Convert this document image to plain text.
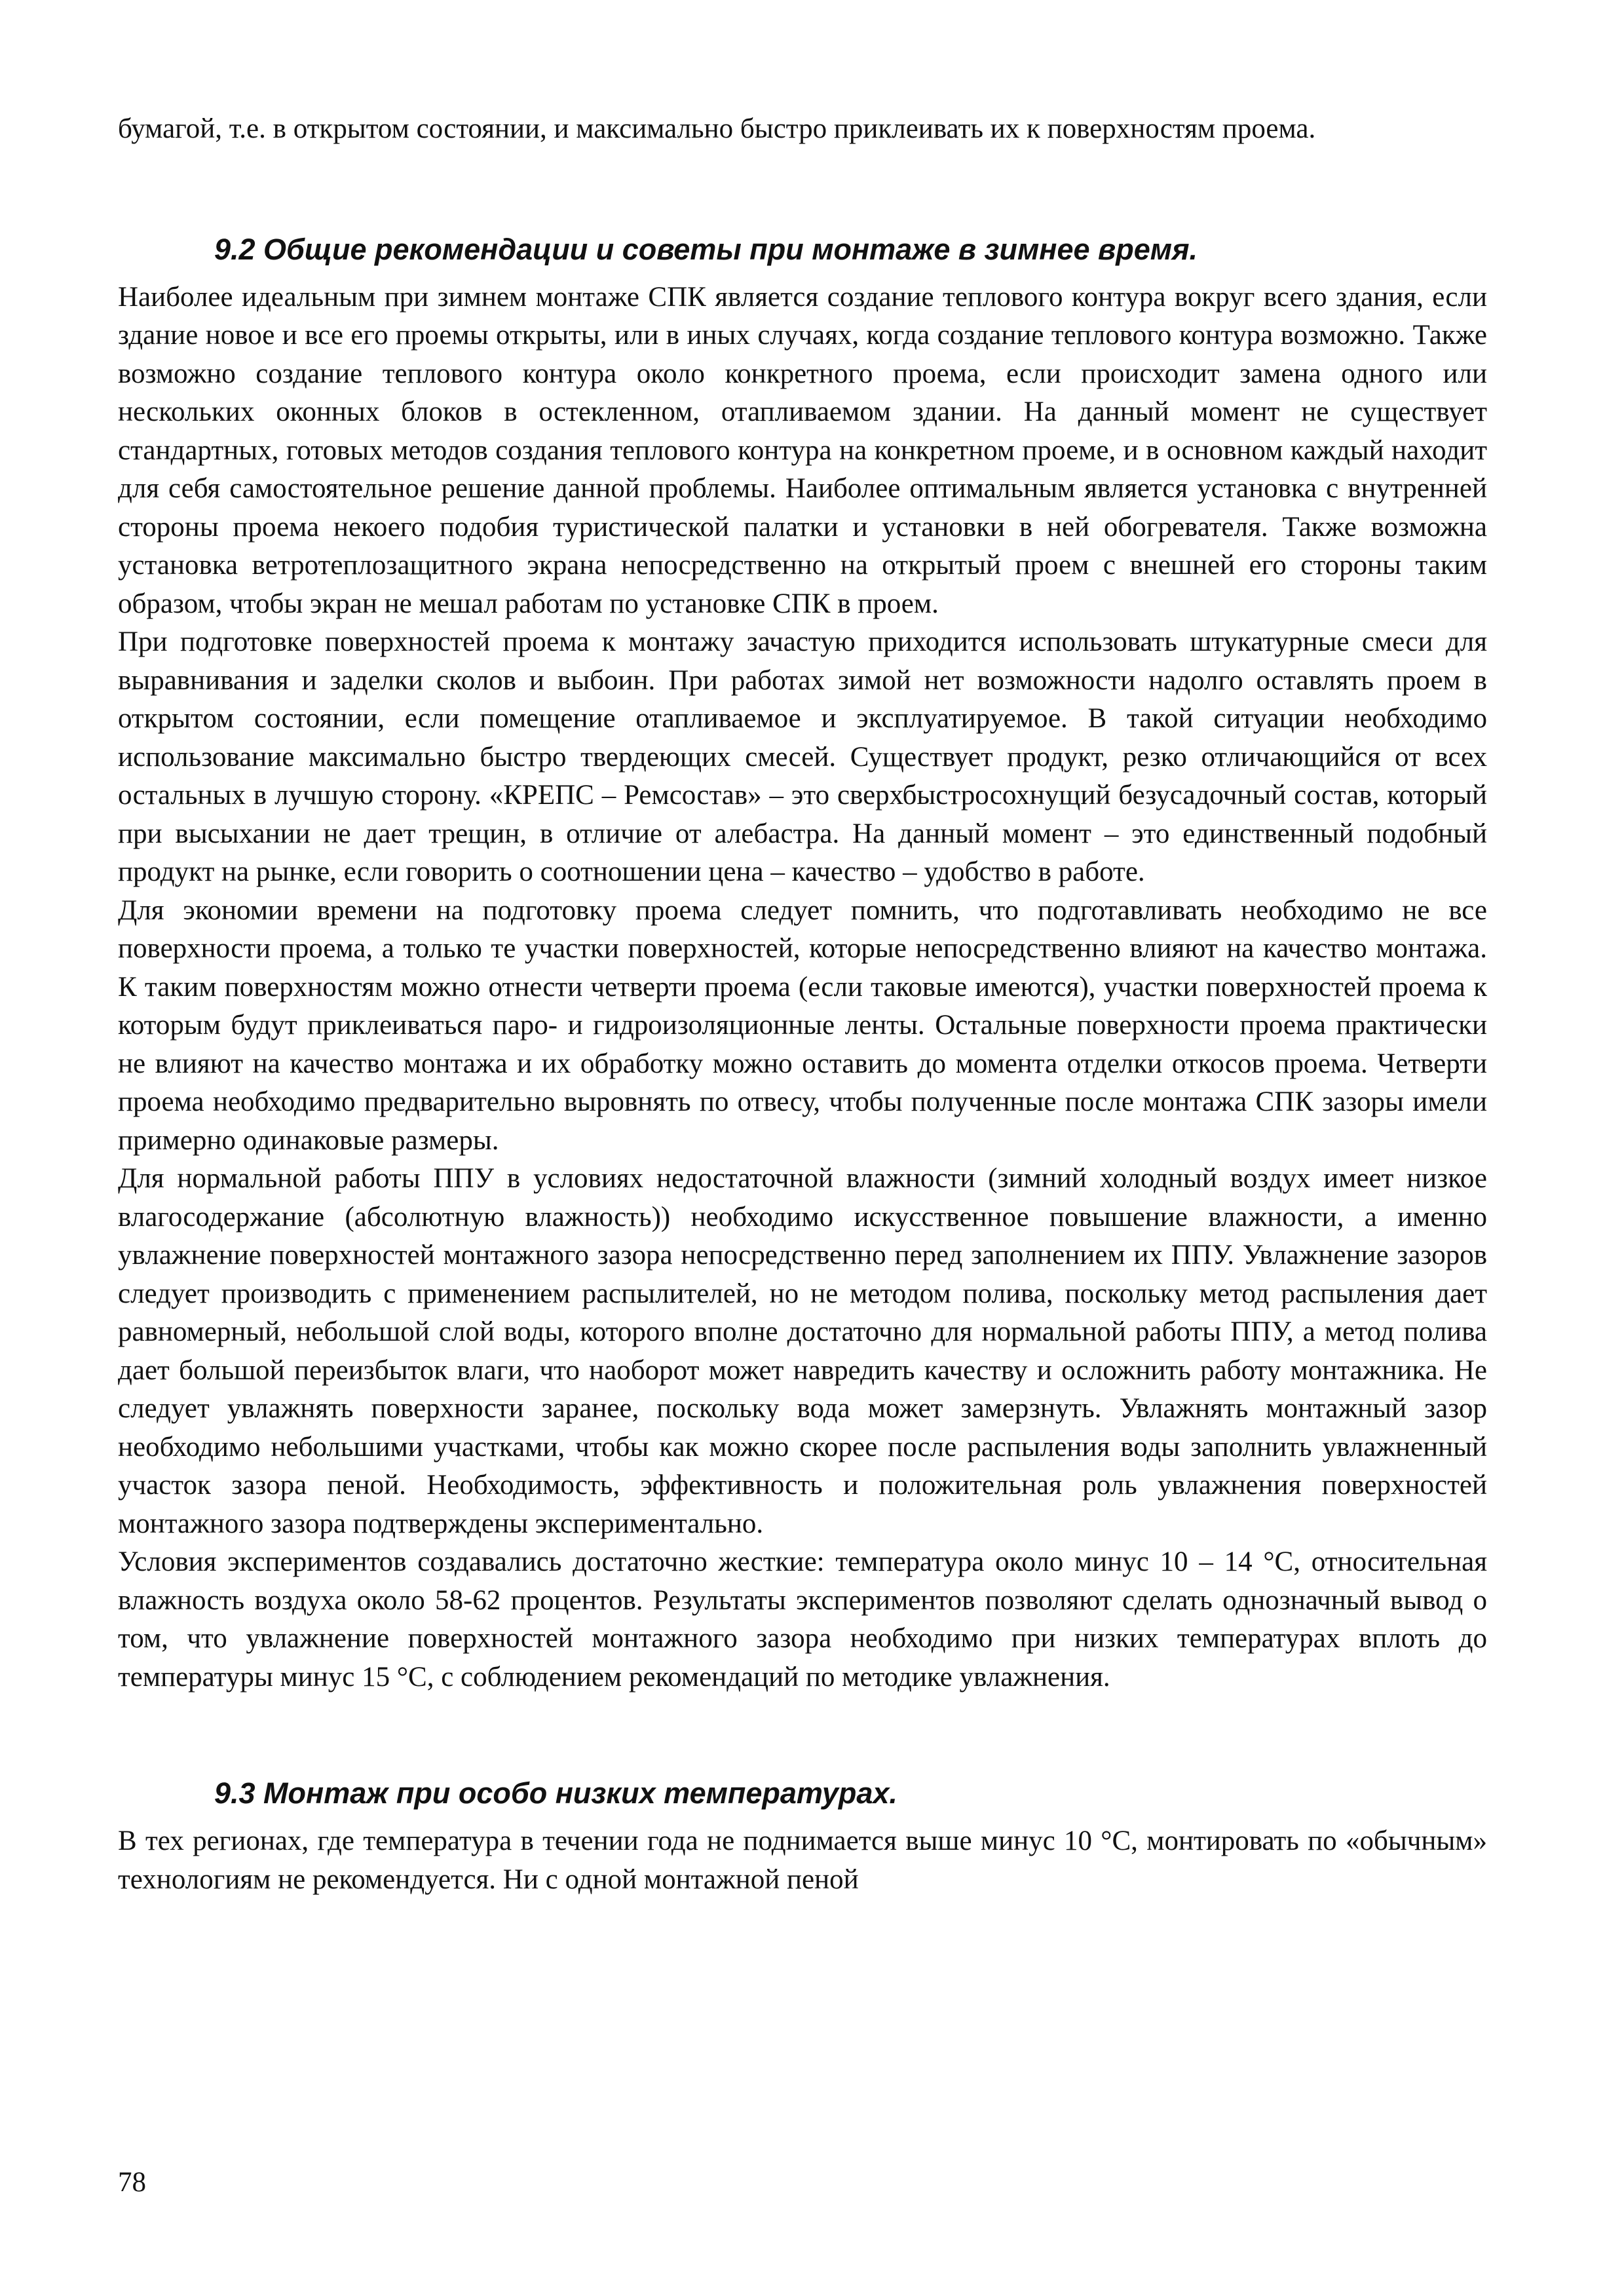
бумагой, т.е. в открытом состоянии, и максимально быстро приклеивать их к поверхностям проема.

9.2 Общие рекомендации и советы при монтаже в зимнее время.

Наиболее идеальным при зимнем монтаже СПК является создание теплового контура вокруг всего здания, если здание новое и все его проемы открыты, или в иных случаях, когда создание теплового контура возможно. Также возможно создание теплового контура около конкретного проема, если происходит замена одного или нескольких оконных блоков в остекленном, отапливаемом здании. На данный момент не существует стандартных, готовых методов создания теплового контура на конкретном проеме, и в основном каждый находит для себя самостоятельное решение данной проблемы. Наиболее оптимальным является установка с внутренней стороны проема некоего подобия туристической палатки и установки в ней обогревателя. Также возможна установка ветротеплозащитного экрана непосредственно на открытый проем с внешней его стороны таким образом, чтобы экран не мешал работам по установке СПК в проем.

При подготовке поверхностей проема к монтажу зачастую приходится использовать штукатурные смеси для выравнивания и заделки сколов и выбоин. При работах зимой нет возможности надолго оставлять проем в открытом состоянии, если помещение отапливаемое и эксплуатируемое. В такой ситуации необходимо использование максимально быстро твердеющих смесей. Существует продукт, резко отличающийся от всех остальных в лучшую сторону. «КРЕПС – Ремсостав» – это сверхбыстросохнущий безусадочный состав, который при высыхании не дает трещин, в отличие от алебастра. На данный момент – это единственный подобный продукт на рынке, если говорить о соотношении цена – качество – удобство в работе.

Для экономии времени на подготовку проема следует помнить, что подготавливать необходимо не все поверхности проема, а только те участки поверхностей, которые непосредственно влияют на качество монтажа. К таким поверхностям можно отнести четверти проема (если таковые имеются), участки поверхностей проема к которым будут приклеиваться паро- и гидроизоляционные ленты. Остальные поверхности проема практически не влияют на качество монтажа и их обработку можно оставить до момента отделки откосов проема. Четверти проема необходимо предварительно выровнять по отвесу, чтобы полученные после монтажа СПК зазоры имели примерно одинаковые размеры.

Для нормальной работы ППУ в условиях недостаточной влажности (зимний холодный воздух имеет низкое влагосодержание (абсолютную влажность)) необходимо искусственное повышение влажности, а именно увлажнение поверхностей монтажного зазора непосредственно перед заполнением их ППУ. Увлажнение зазоров следует производить с применением распылителей, но не методом полива, поскольку метод распыления дает равномерный, небольшой слой воды, которого вполне достаточно для нормальной работы ППУ, а метод полива дает большой переизбыток влаги, что наоборот может навредить качеству и осложнить работу монтажника. Не следует увлажнять поверхности заранее, поскольку вода может замерзнуть. Увлажнять монтажный зазор необходимо небольшими участками, чтобы как можно скорее после распыления воды заполнить увлажненный участок зазора пеной. Необходимость, эффективность и положительная роль увлажнения поверхностей монтажного зазора подтверждены экспериментально.

Условия экспериментов создавались достаточно жесткие: температура около минус 10 – 14 °С, относительная влажность воздуха около 58-62 процентов. Результаты экспериментов позволяют сделать однозначный вывод о том, что увлажнение поверхностей монтажного зазора необходимо при низких температурах вплоть до температуры минус 15 °С, с соблюдением рекомендаций по методике увлажнения.

9.3 Монтаж при особо низких температурах.

В тех регионах, где температура в течении года не поднимается выше минус 10 °С, монтировать по «обычным» технологиям не рекомендуется. Ни с одной монтажной пеной

78
